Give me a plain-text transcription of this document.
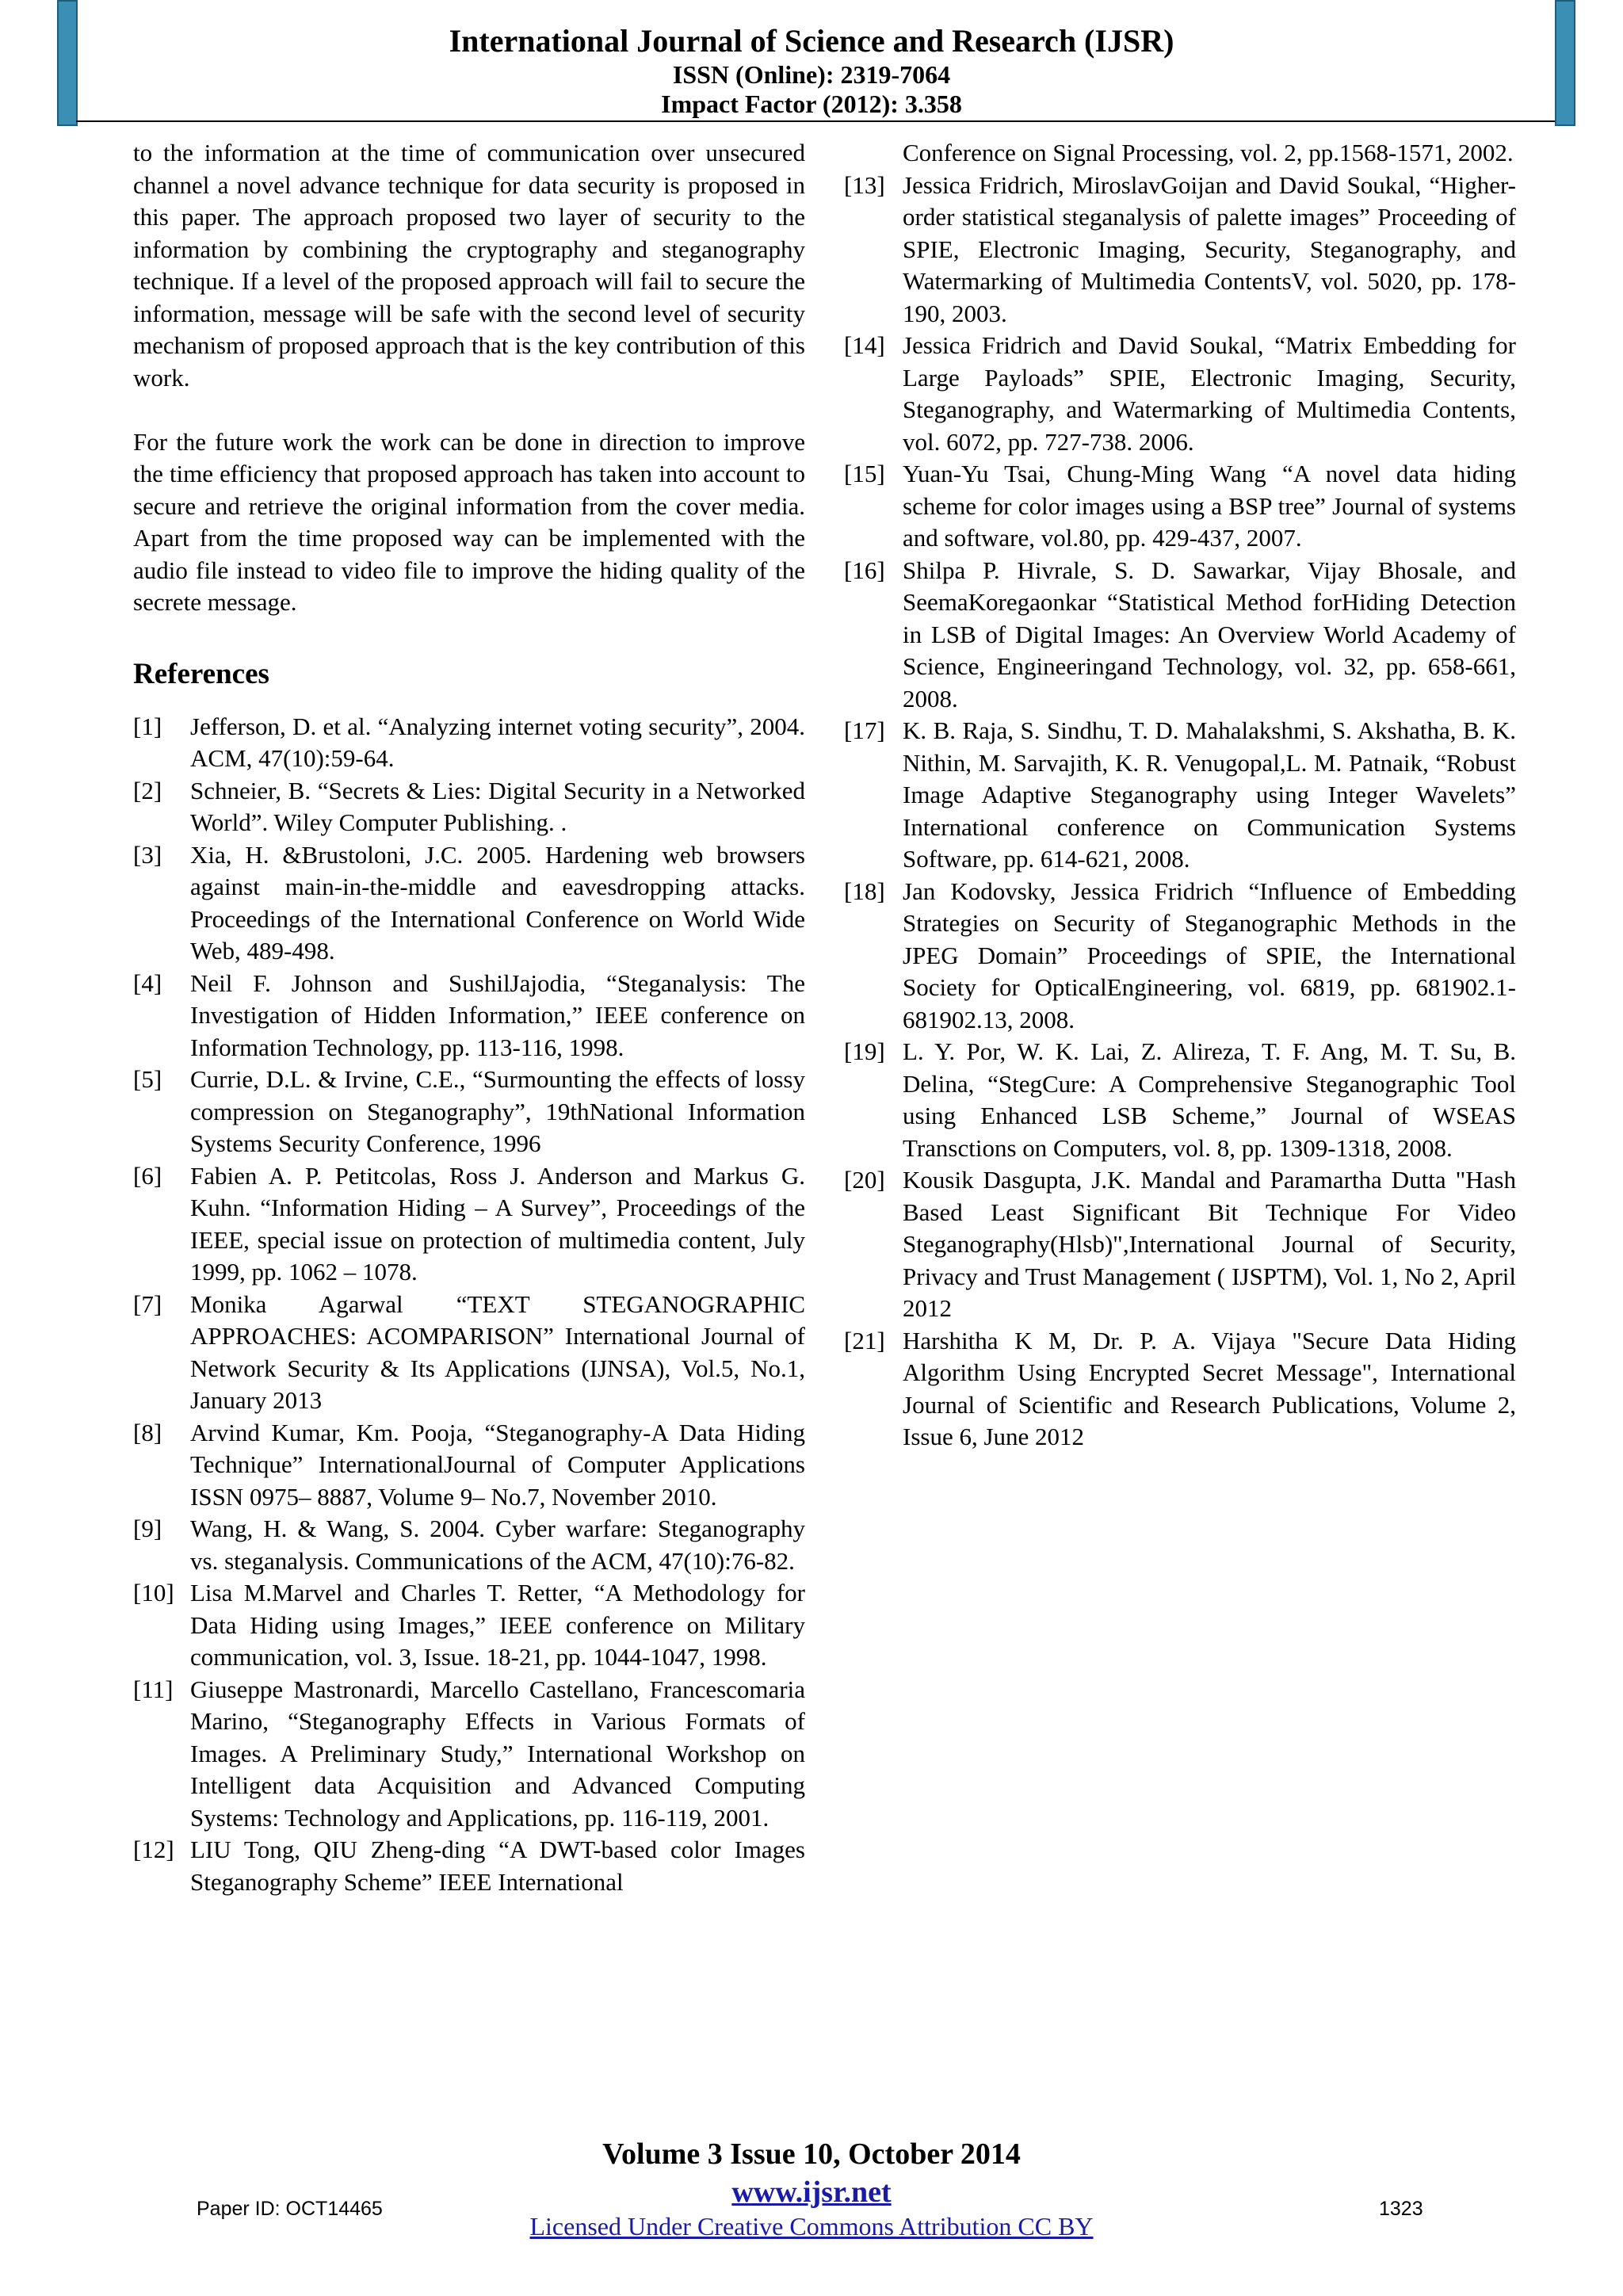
International Journal of Science and Research (IJSR)
ISSN (Online): 2319-7064
Impact Factor (2012): 3.358

to the information at the time of communication over unsecured channel a novel advance technique for data security is proposed in this paper. The approach proposed two layer of security to the information by combining the cryptography and steganography technique. If a level of the proposed approach will fail to secure the information, message will be safe with the second level of security mechanism of proposed approach that is the key contribution of this work.

For the future work the work can be done in direction to improve the time efficiency that proposed approach has taken into account to secure and retrieve the original information from the cover media. Apart from the time proposed way can be implemented with the audio file instead to video file to improve the hiding quality of the secrete message.

References
[1] Jefferson, D. et al. “Analyzing internet voting security”, 2004. ACM, 47(10):59-64.
[2] Schneier, B. “Secrets & Lies: Digital Security in a Networked World”. Wiley Computer Publishing. .
[3] Xia, H. &Brustoloni, J.C. 2005. Hardening web browsers against main-in-the-middle and eavesdropping attacks. Proceedings of the International Conference on World Wide Web, 489-498.
[4] Neil F. Johnson and SushilJajodia, “Steganalysis: The Investigation of Hidden Information,” IEEE conference on Information Technology, pp. 113-116, 1998.
[5] Currie, D.L. & Irvine, C.E., “Surmounting the effects of lossy compression on Steganography”, 19thNational Information Systems Security Conference, 1996
[6] Fabien A. P. Petitcolas, Ross J. Anderson and Markus G. Kuhn. “Information Hiding – A Survey”, Proceedings of the IEEE, special issue on protection of multimedia content, July 1999, pp. 1062 – 1078.
[7] Monika Agarwal “TEXT STEGANOGRAPHIC APPROACHES: ACOMPARISON” International Journal of Network Security & Its Applications (IJNSA), Vol.5, No.1, January 2013
[8] Arvind Kumar, Km. Pooja, “Steganography-A Data Hiding Technique” InternationalJournal of Computer Applications ISSN 0975– 8887, Volume 9– No.7, November 2010.
[9] Wang, H. & Wang, S. 2004. Cyber warfare: Steganography vs. steganalysis. Communications of the ACM, 47(10):76-82.
[10] Lisa M.Marvel and Charles T. Retter, “A Methodology for Data Hiding using Images,” IEEE conference on Military communication, vol. 3, Issue. 18-21, pp. 1044-1047, 1998.
[11] Giuseppe Mastronardi, Marcello Castellano, Francescomaria Marino, “Steganography Effects in Various Formats of Images. A Preliminary Study,” International Workshop on Intelligent data Acquisition and Advanced Computing Systems: Technology and Applications, pp. 116-119, 2001.
[12] LIU Tong, QIU Zheng-ding “A DWT-based color Images Steganography Scheme” IEEE International
Conference on Signal Processing, vol. 2, pp.1568-1571, 2002.
[13] Jessica Fridrich, MiroslavGoijan and David Soukal, “Higher-order statistical steganalysis of palette images” Proceeding of SPIE, Electronic Imaging, Security, Steganography, and Watermarking of Multimedia ContentsV, vol. 5020, pp. 178-190, 2003.
[14] Jessica Fridrich and David Soukal, “Matrix Embedding for Large Payloads” SPIE, Electronic Imaging, Security, Steganography, and Watermarking of Multimedia Contents, vol. 6072, pp. 727-738. 2006.
[15] Yuan-Yu Tsai, Chung-Ming Wang “A novel data hiding scheme for color images using a BSP tree” Journal of systems and software, vol.80, pp. 429-437, 2007.
[16] Shilpa P. Hivrale, S. D. Sawarkar, Vijay Bhosale, and SeemaKoregaonkar “Statistical Method forHiding Detection in LSB of Digital Images: An Overview World Academy of Science, Engineeringand Technology, vol. 32, pp. 658-661, 2008.
[17] K. B. Raja, S. Sindhu, T. D. Mahalakshmi, S. Akshatha, B. K. Nithin, M. Sarvajith, K. R. Venugopal,L. M. Patnaik, “Robust Image Adaptive Steganography using Integer Wavelets” International conference on Communication Systems Software, pp. 614-621, 2008.
[18] Jan Kodovsky, Jessica Fridrich “Influence of Embedding Strategies on Security of Steganographic Methods in the JPEG Domain” Proceedings of SPIE, the International Society for OpticalEngineering, vol. 6819, pp. 681902.1-681902.13, 2008.
[19] L. Y. Por, W. K. Lai, Z. Alireza, T. F. Ang, M. T. Su, B. Delina, “StegCure: A Comprehensive Steganographic Tool using Enhanced LSB Scheme,” Journal of WSEAS Transctions on Computers, vol. 8, pp. 1309-1318, 2008.
[20] Kousik Dasgupta, J.K. Mandal and Paramartha Dutta "Hash Based Least Significant Bit Technique For Video Steganography(Hlsb)",International Journal of Security, Privacy and Trust Management ( IJSPTM), Vol. 1, No 2, April 2012
[21] Harshitha K M, Dr. P. A. Vijaya "Secure Data Hiding Algorithm Using Encrypted Secret Message", International Journal of Scientific and Research Publications, Volume 2, Issue 6, June 2012
Volume 3 Issue 10, October 2014
www.ijsr.net
Licensed Under Creative Commons Attribution CC BY
Paper ID: OCT14465	1323
